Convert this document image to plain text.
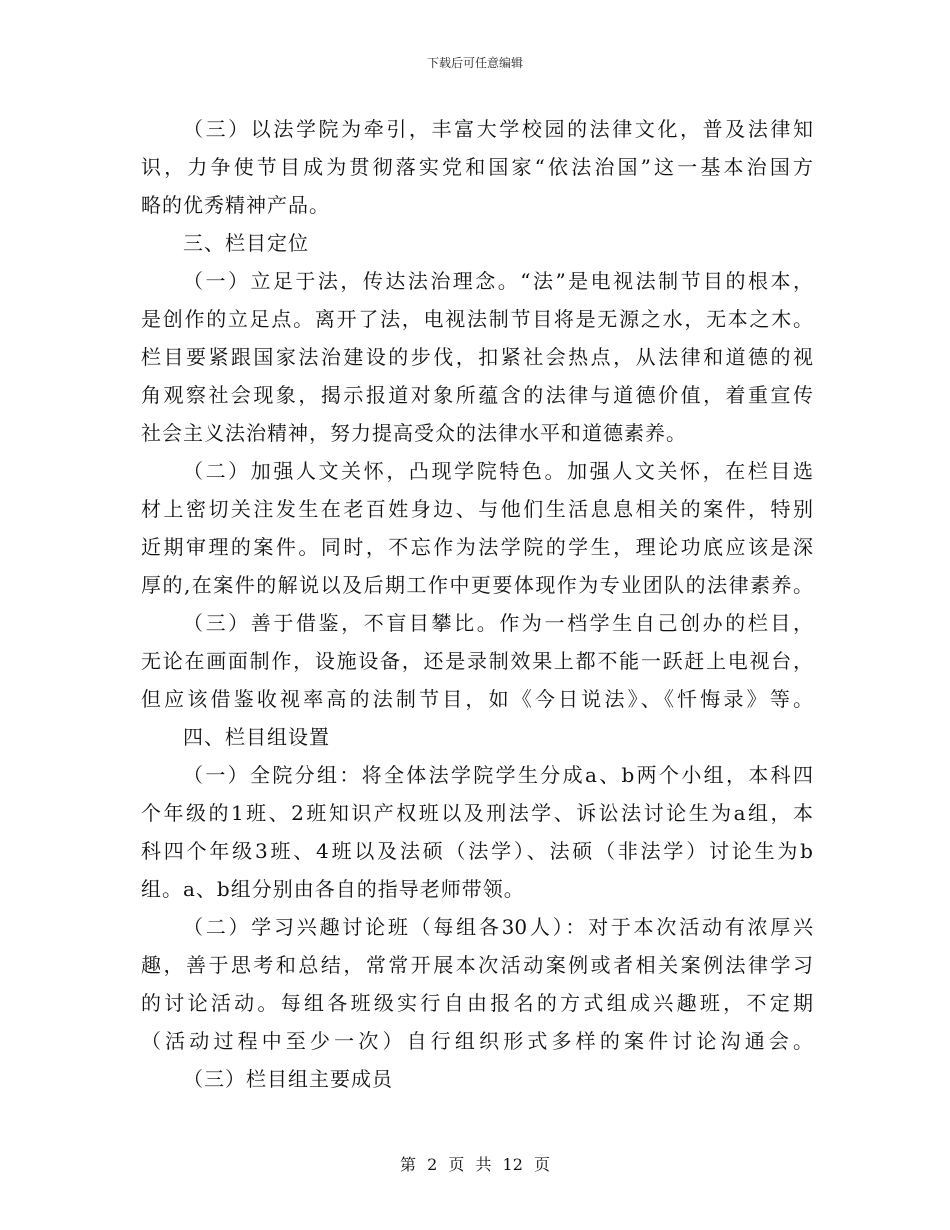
下载后可任意编辑
（三）以法学院为牵引，丰富大学校园的法律文化，普及法律知
识，力争使节目成为贯彻落实党和国家“依法治国”这一基本治国方
略的优秀精神产品。
三、栏目定位
（一）立足于法，传达法治理念。“法”是电视法制节目的根本，
是创作的立足点。离开了法，电视法制节目将是无源之水，无本之木。
栏目要紧跟国家法治建设的步伐，扣紧社会热点，从法律和道德的视
角观察社会现象，揭示报道对象所蕴含的法律与道德价值，着重宣传
社会主义法治精神，努力提高受众的法律水平和道德素养。
（二）加强人文关怀，凸现学院特色。加强人文关怀，在栏目选
材上密切关注发生在老百姓身边、与他们生活息息相关的案件，特别
近期审理的案件。同时，不忘作为法学院的学生，理论功底应该是深
厚的,在案件的解说以及后期工作中更要体现作为专业团队的法律素养。
（三）善于借鉴，不盲目攀比。作为一档学生自己创办的栏目，
无论在画面制作，设施设备，还是录制效果上都不能一跃赶上电视台，
但应该借鉴收视率高的法制节目，如《今日说法》、《忏悔录》等。
四、栏目组设置
（一）全院分组：将全体法学院学生分成a、b两个小组，本科四
个年级的1班、2班知识产权班以及刑法学、诉讼法讨论生为a组，本
科四个年级3班、4班以及法硕（法学）、法硕（非法学）讨论生为b
组。a、b组分别由各自的指导老师带领。
（二）学习兴趣讨论班（每组各30人）：对于本次活动有浓厚兴
趣，善于思考和总结，常常开展本次活动案例或者相关案例法律学习
的讨论活动。每组各班级实行自由报名的方式组成兴趣班，不定期
（活动过程中至少一次）自行组织形式多样的案件讨论沟通会。
（三）栏目组主要成员
第 2 页 共 12 页
